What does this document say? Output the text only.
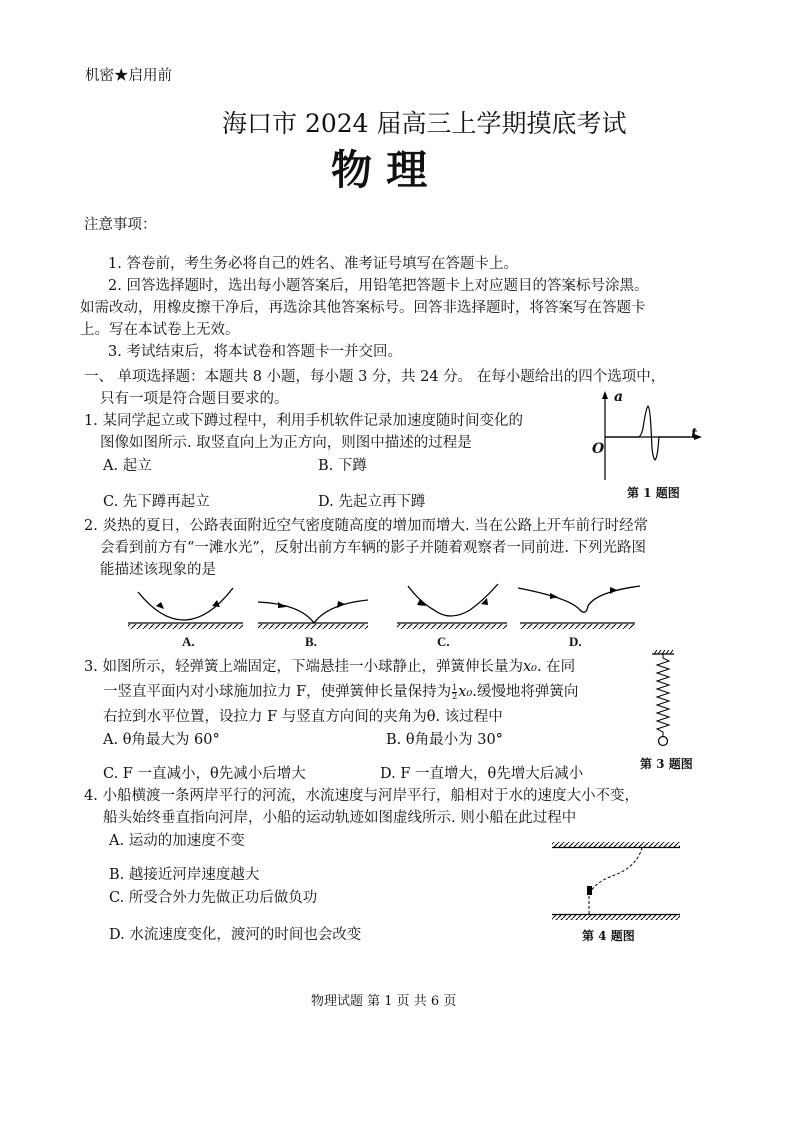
机密★启用前
海口市 2024 届高三上学期摸底考试
物 理
注意事项：
1. 答卷前，考生务必将自己的姓名、准考证号填写在答题卡上。
2. 回答选择题时，选出每小题答案后，用铅笔把答题卡上对应题目的答案标号涂黑。
如需改动，用橡皮擦干净后，再选涂其他答案标号。回答非选择题时，将答案写在答题卡
上。写在本试卷上无效。
3. 考试结束后，将本试卷和答题卡一并交回。
一、 单项选择题：本题共 8 小题，每小题 3 分，共 24 分。 在每小题给出的四个选项中，
只有一项是符合题目要求的。
1. 某同学起立或下蹲过程中，利用手机软件记录加速度随时间变化的
图像如图所示. 取竖直向上为正方向，则图中描述的过程是
A. 起立	B. 下蹲
C. 先下蹲再起立	D. 先起立再下蹲
a
t
O
第 1 题图
2. 炎热的夏日，公路表面附近空气密度随高度的增加而增大. 当在公路上开车前行时经常
会看到前方有“一滩水光”，反射出前方车辆的影子并随着观察者一同前进. 下列光路图
能描述该现象的是
A.	B.	C.	D.
3. 如图所示，轻弹簧上端固定，下端悬挂一小球静止，弹簧伸长量为x₀. 在同
一竖直平面内对小球施加拉力 F，使弹簧伸长量保持为 $\frac{1}{2} x_0$.缓慢地将弹簧向
右拉到水平位置，设拉力 F 与竖直方向间的夹角为θ. 该过程中
A. θ角最大为 60°	B. θ角最小为 30°
C. F 一直减小，θ先减小后增大	D. F 一直增大，θ先增大后减小
第 3 题图
4. 小船横渡一条两岸平行的河流，水流速度与河岸平行，船相对于水的速度大小不变，
船头始终垂直指向河岸，小船的运动轨迹如图虚线所示. 则小船在此过程中
A. 运动的加速度不变
B. 越接近河岸速度越大
C. 所受合外力先做正功后做负功
D. 水流速度变化，渡河的时间也会改变	第 4 题图
物理试题 第 1 页 共 6 页
